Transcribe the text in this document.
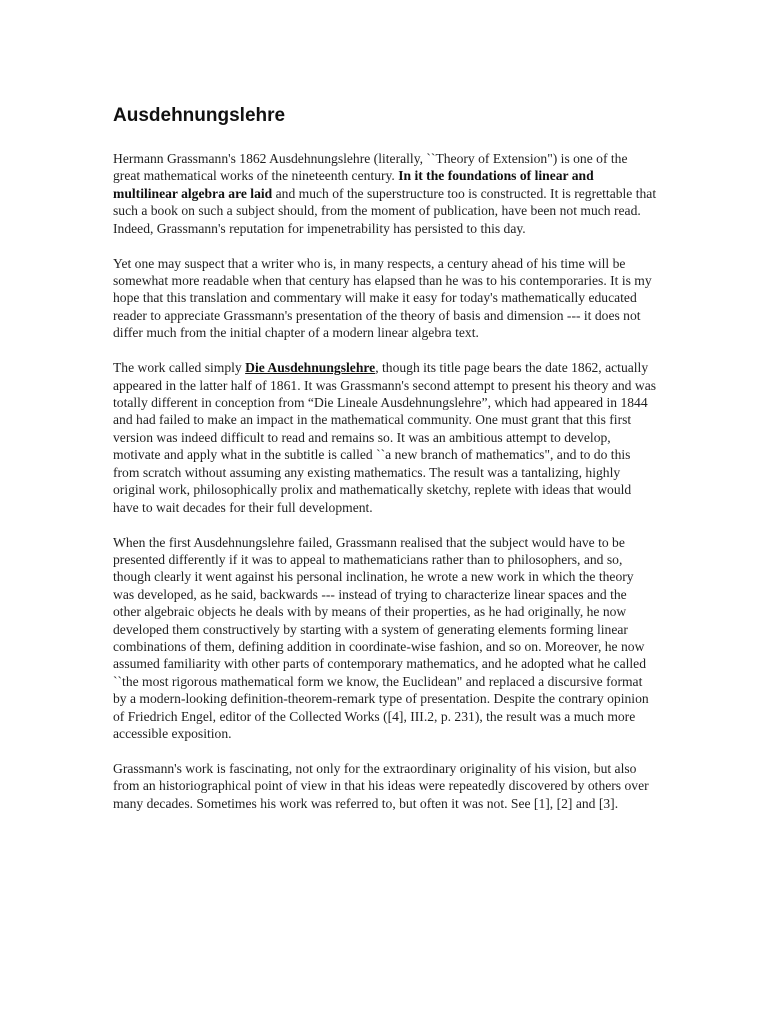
Ausdehnungslehre

Hermann Grassmann's 1862 Ausdehnungslehre (literally, ``Theory of Extension") is one of the great mathematical works of the nineteenth century. In it the foundations of linear and multilinear algebra are laid and much of the superstructure too is constructed. It is regrettable that such a book on such a subject should, from the moment of publication, have been not much read. Indeed, Grassmann's reputation for impenetrability has persisted to this day.

Yet one may suspect that a writer who is, in many respects, a century ahead of his time will be somewhat more readable when that century has elapsed than he was to his contemporaries. It is my hope that this translation and commentary will make it easy for today's mathematically educated reader to appreciate Grassmann's presentation of the theory of basis and dimension --- it does not differ much from the initial chapter of a modern linear algebra text.

The work called simply Die Ausdehnungslehre, though its title page bears the date 1862, actually appeared in the latter half of 1861. It was Grassmann's second attempt to present his theory and was totally different in conception from “Die Lineale Ausdehnungslehre”, which had appeared in 1844 and had failed to make an impact in the mathematical community. One must grant that this first version was indeed difficult to read and remains so. It was an ambitious attempt to develop, motivate and apply what in the subtitle is called ``a new branch of mathematics", and to do this from scratch without assuming any existing mathematics. The result was a tantalizing, highly original work, philosophically prolix and mathematically sketchy, replete with ideas that would have to wait decades for their full development.

When the first Ausdehnungslehre failed, Grassmann realised that the subject would have to be presented differently if it was to appeal to mathematicians rather than to philosophers, and so, though clearly it went against his personal inclination, he wrote a new work in which the theory was developed, as he said, backwards --- instead of trying to characterize linear spaces and the other algebraic objects he deals with by means of their properties, as he had originally, he now developed them constructively by starting with a system of generating elements forming linear combinations of them, defining addition in coordinate-wise fashion, and so on. Moreover, he now assumed familiarity with other parts of contemporary mathematics, and he adopted what he called ``the most rigorous mathematical form we know, the Euclidean" and replaced a discursive format by a modern-looking definition-theorem-remark type of presentation. Despite the contrary opinion of Friedrich Engel, editor of the Collected Works ([4], III.2, p. 231), the result was a much more accessible exposition.

Grassmann's work is fascinating, not only for the extraordinary originality of his vision, but also from an historiographical point of view in that his ideas were repeatedly discovered by others over many decades. Sometimes his work was referred to, but often it was not. See [1], [2] and [3].
